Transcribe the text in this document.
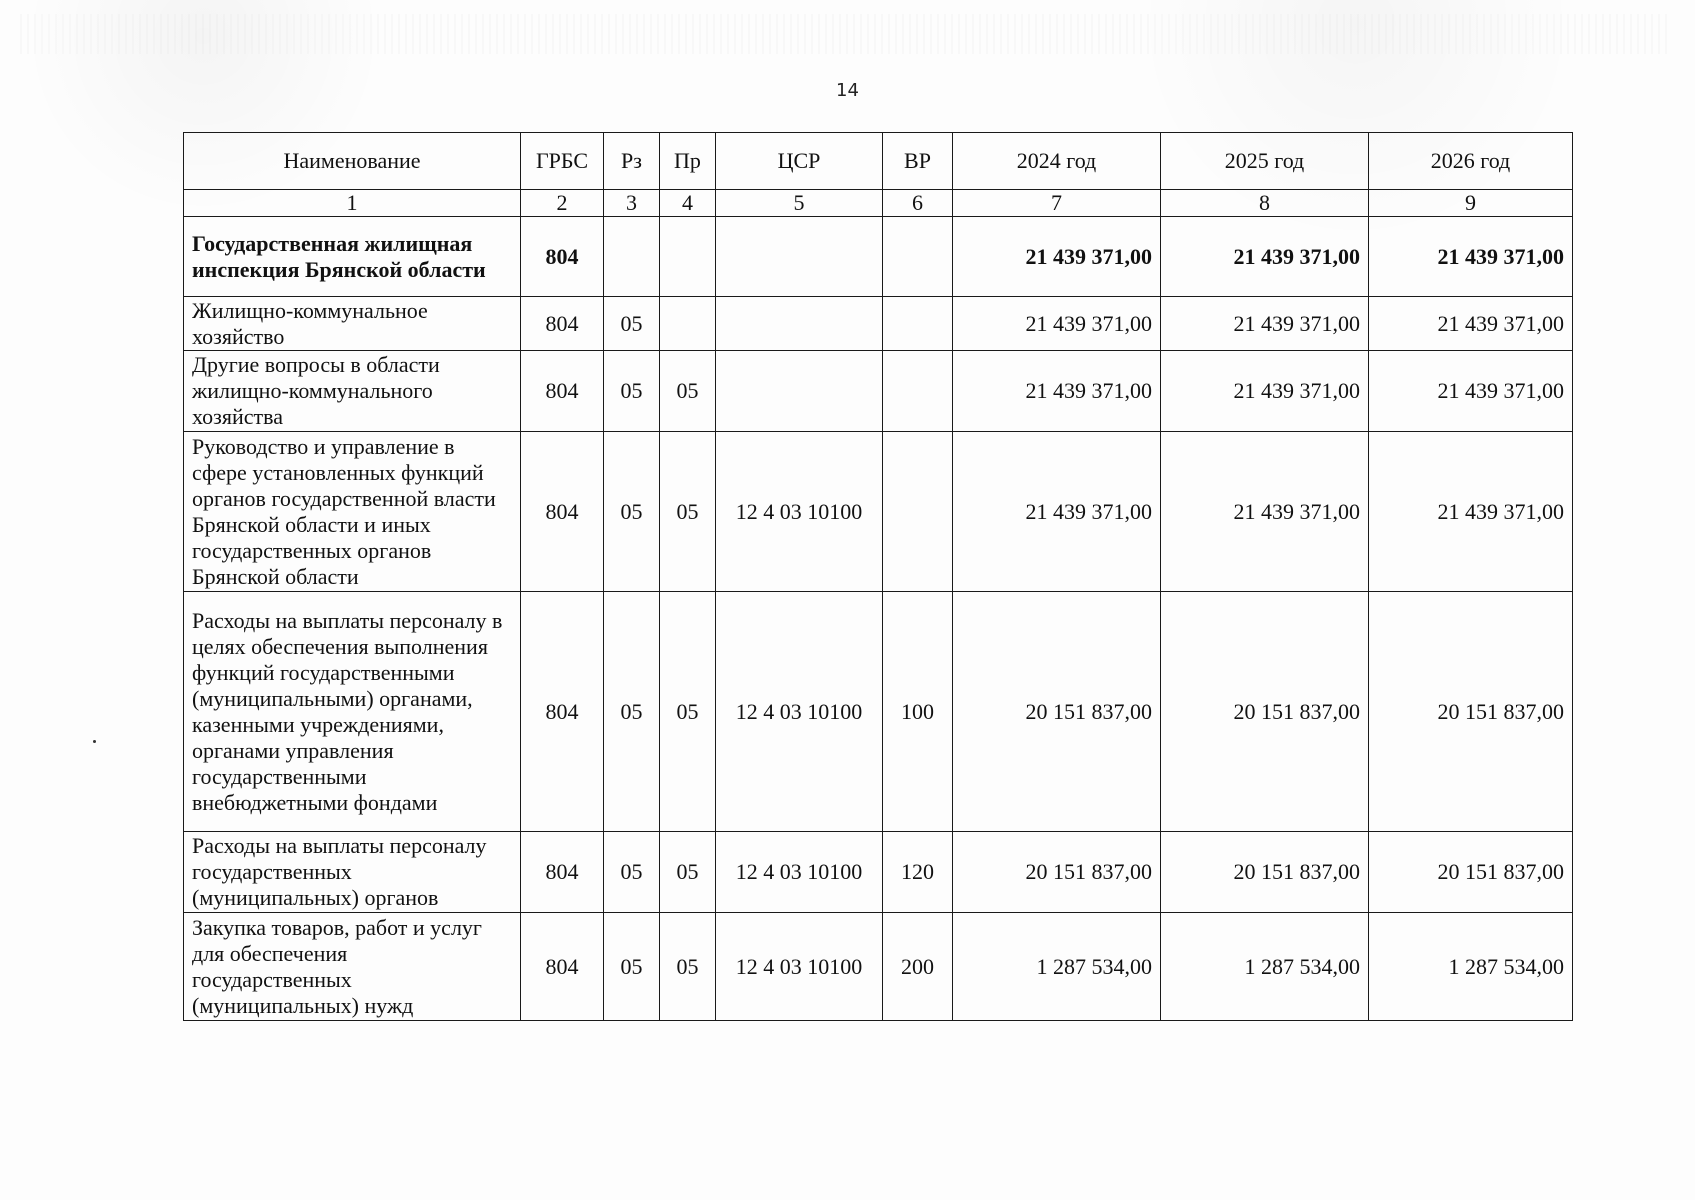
14
Наименование	ГРБС	Рз	Пр	ЦСР	ВР	2024 год	2025 год	2026 год
1	2	3	4	5	6	7	8	9
Государственная жилищная инспекция Брянской области	804					21 439 371,00	21 439 371,00	21 439 371,00
Жилищно-коммунальное хозяйство	804	05				21 439 371,00	21 439 371,00	21 439 371,00
Другие вопросы в области жилищно-коммунального хозяйства	804	05	05			21 439 371,00	21 439 371,00	21 439 371,00
Руководство и управление в сфере установленных функций органов государственной власти Брянской области и иных государственных органов Брянской области	804	05	05	12 4 03 10100		21 439 371,00	21 439 371,00	21 439 371,00
Расходы на выплаты персоналу в целях обеспечения выполнения функций государственными (муниципальными) органами, казенными учреждениями, органами управления государственными внебюджетными фондами	804	05	05	12 4 03 10100	100	20 151 837,00	20 151 837,00	20 151 837,00
Расходы на выплаты персоналу государственных (муниципальных) органов	804	05	05	12 4 03 10100	120	20 151 837,00	20 151 837,00	20 151 837,00
Закупка товаров, работ и услуг для обеспечения государственных (муниципальных) нужд	804	05	05	12 4 03 10100	200	1 287 534,00	1 287 534,00	1 287 534,00
